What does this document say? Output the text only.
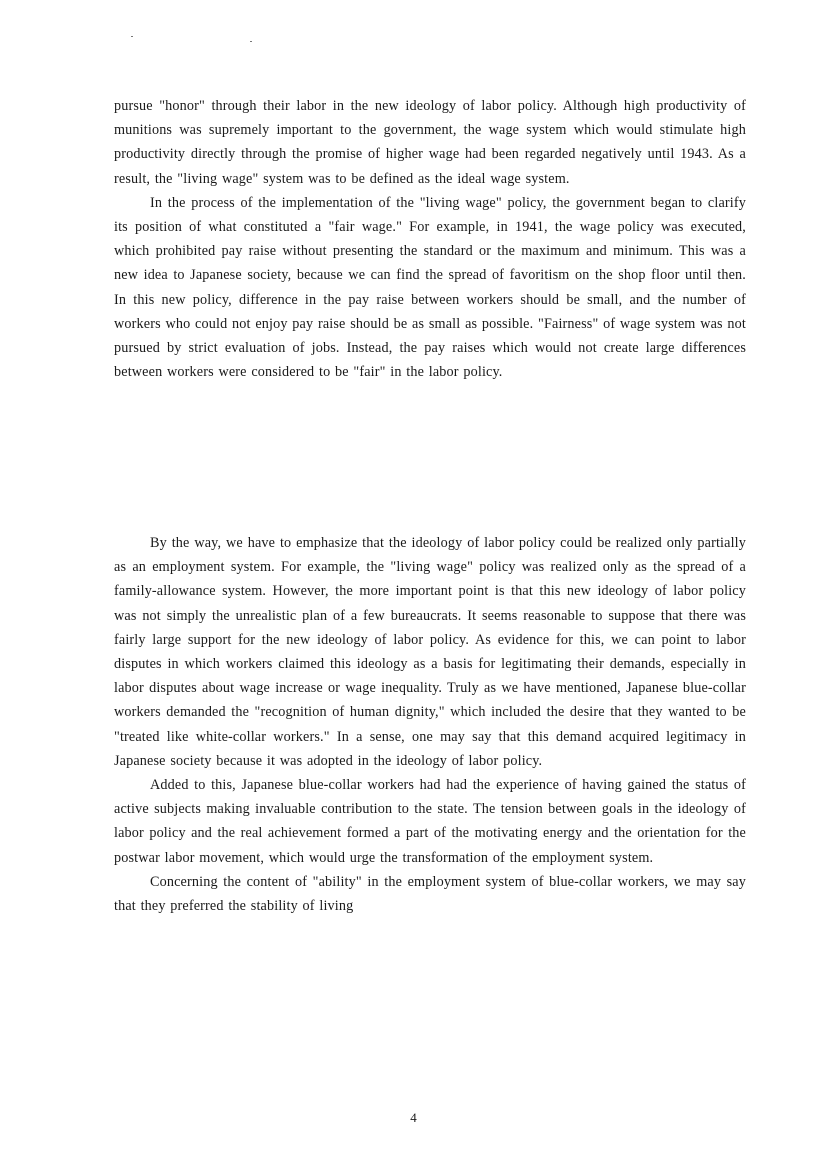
pursue "honor" through their labor in the new ideology of labor policy. Although high productivity of munitions was supremely important to the government, the wage system which would stimulate high productivity directly through the promise of higher wage had been regarded negatively until 1943. As a result, the "living wage" system was to be defined as the ideal wage system.

In the process of the implementation of the "living wage" policy, the government began to clarify its position of what constituted a "fair wage." For example, in 1941, the wage policy was executed, which prohibited pay raise without presenting the standard or the maximum and minimum. This was a new idea to Japanese society, because we can find the spread of favoritism on the shop floor until then. In this new policy, difference in the pay raise between workers should be small, and the number of workers who could not enjoy pay raise should be as small as possible. "Fairness" of wage system was not pursued by strict evaluation of jobs. Instead, the pay raises which would not create large differences between workers were considered to be "fair" in the labor policy.

By the way, we have to emphasize that the ideology of labor policy could be realized only partially as an employment system. For example, the "living wage" policy was realized only as the spread of a family-allowance system. However, the more important point is that this new ideology of labor policy was not simply the unrealistic plan of a few bureaucrats. It seems reasonable to suppose that there was fairly large support for the new ideology of labor policy. As evidence for this, we can point to labor disputes in which workers claimed this ideology as a basis for legitimating their demands, especially in labor disputes about wage increase or wage inequality. Truly as we have mentioned, Japanese blue-collar workers demanded the "recognition of human dignity," which included the desire that they wanted to be "treated like white-collar workers." In a sense, one may say that this demand acquired legitimacy in Japanese society because it was adopted in the ideology of labor policy.

Added to this, Japanese blue-collar workers had had the experience of having gained the status of active subjects making invaluable contribution to the state. The tension between goals in the ideology of labor policy and the real achievement formed a part of the motivating energy and the orientation for the postwar labor movement, which would urge the transformation of the employment system.

Concerning the content of "ability" in the employment system of blue-collar workers, we may say that they preferred the stability of living

4
